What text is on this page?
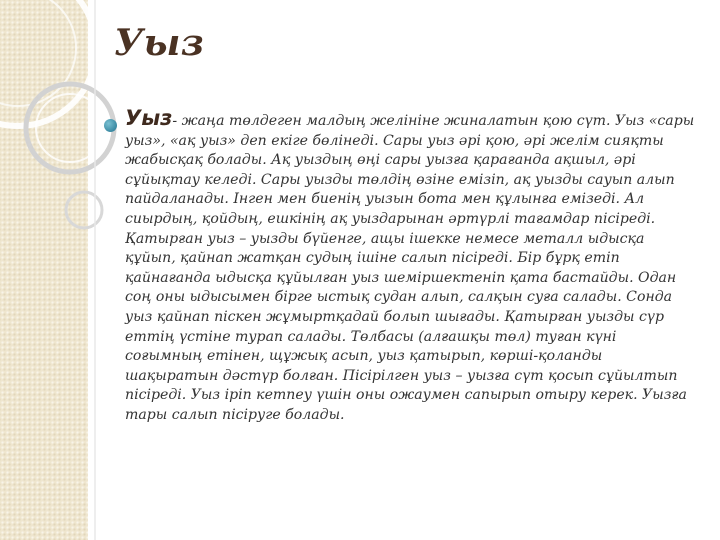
Уыз

Уыз- жаңа төлдеген малдың желініне жиналатын қою сүт. Уыз «сары уыз», «ақ уыз» деп екіге бөлінеді. Сары уыз әрі қою, әрі желім сияқты жабысқақ болады. Ақ уыздың өңі сары уызға қарағанда ақшыл, әрі сұйықтау келеді. Сары уызды төлдің өзіне емізіп, ақ уызды сауып алып пайдаланады. Інген мен биенің уызын бота мен құлынға емізеді. Ал сиырдың, қойдың, ешкінің ақ уыздарынан әртүрлі тағамдар пісіреді. Қатырған уыз – уызды бүйенге, ащы ішекке немесе металл ыдысқа құйып, қайнап жатқан судың ішіне салып пісіреді. Бір бұрқ етіп қайнағанда ыдысқа құйылған уыз шеміршектеніп қата бастайды. Одан соң оны ыдысымен бірге ыстық судан алып, салқын суға салады. Сонда уыз қайнап піскен жұмыртқадай болып шығады. Қатырған уызды сүр еттің үстіне турап салады. Төлбасы (алғашқы төл) туған күні соғымның етінен, щұжық асып, уыз қатырып, көрші-қоланды шақыратын дәстүр болған. Пісірілген уыз – уызға сүт қосып сұйылтып пісіреді. Уыз іріп кетпеу үшін оны ожаумен сапырып отыру керек. Уызға тары салып пісіруге болады.
